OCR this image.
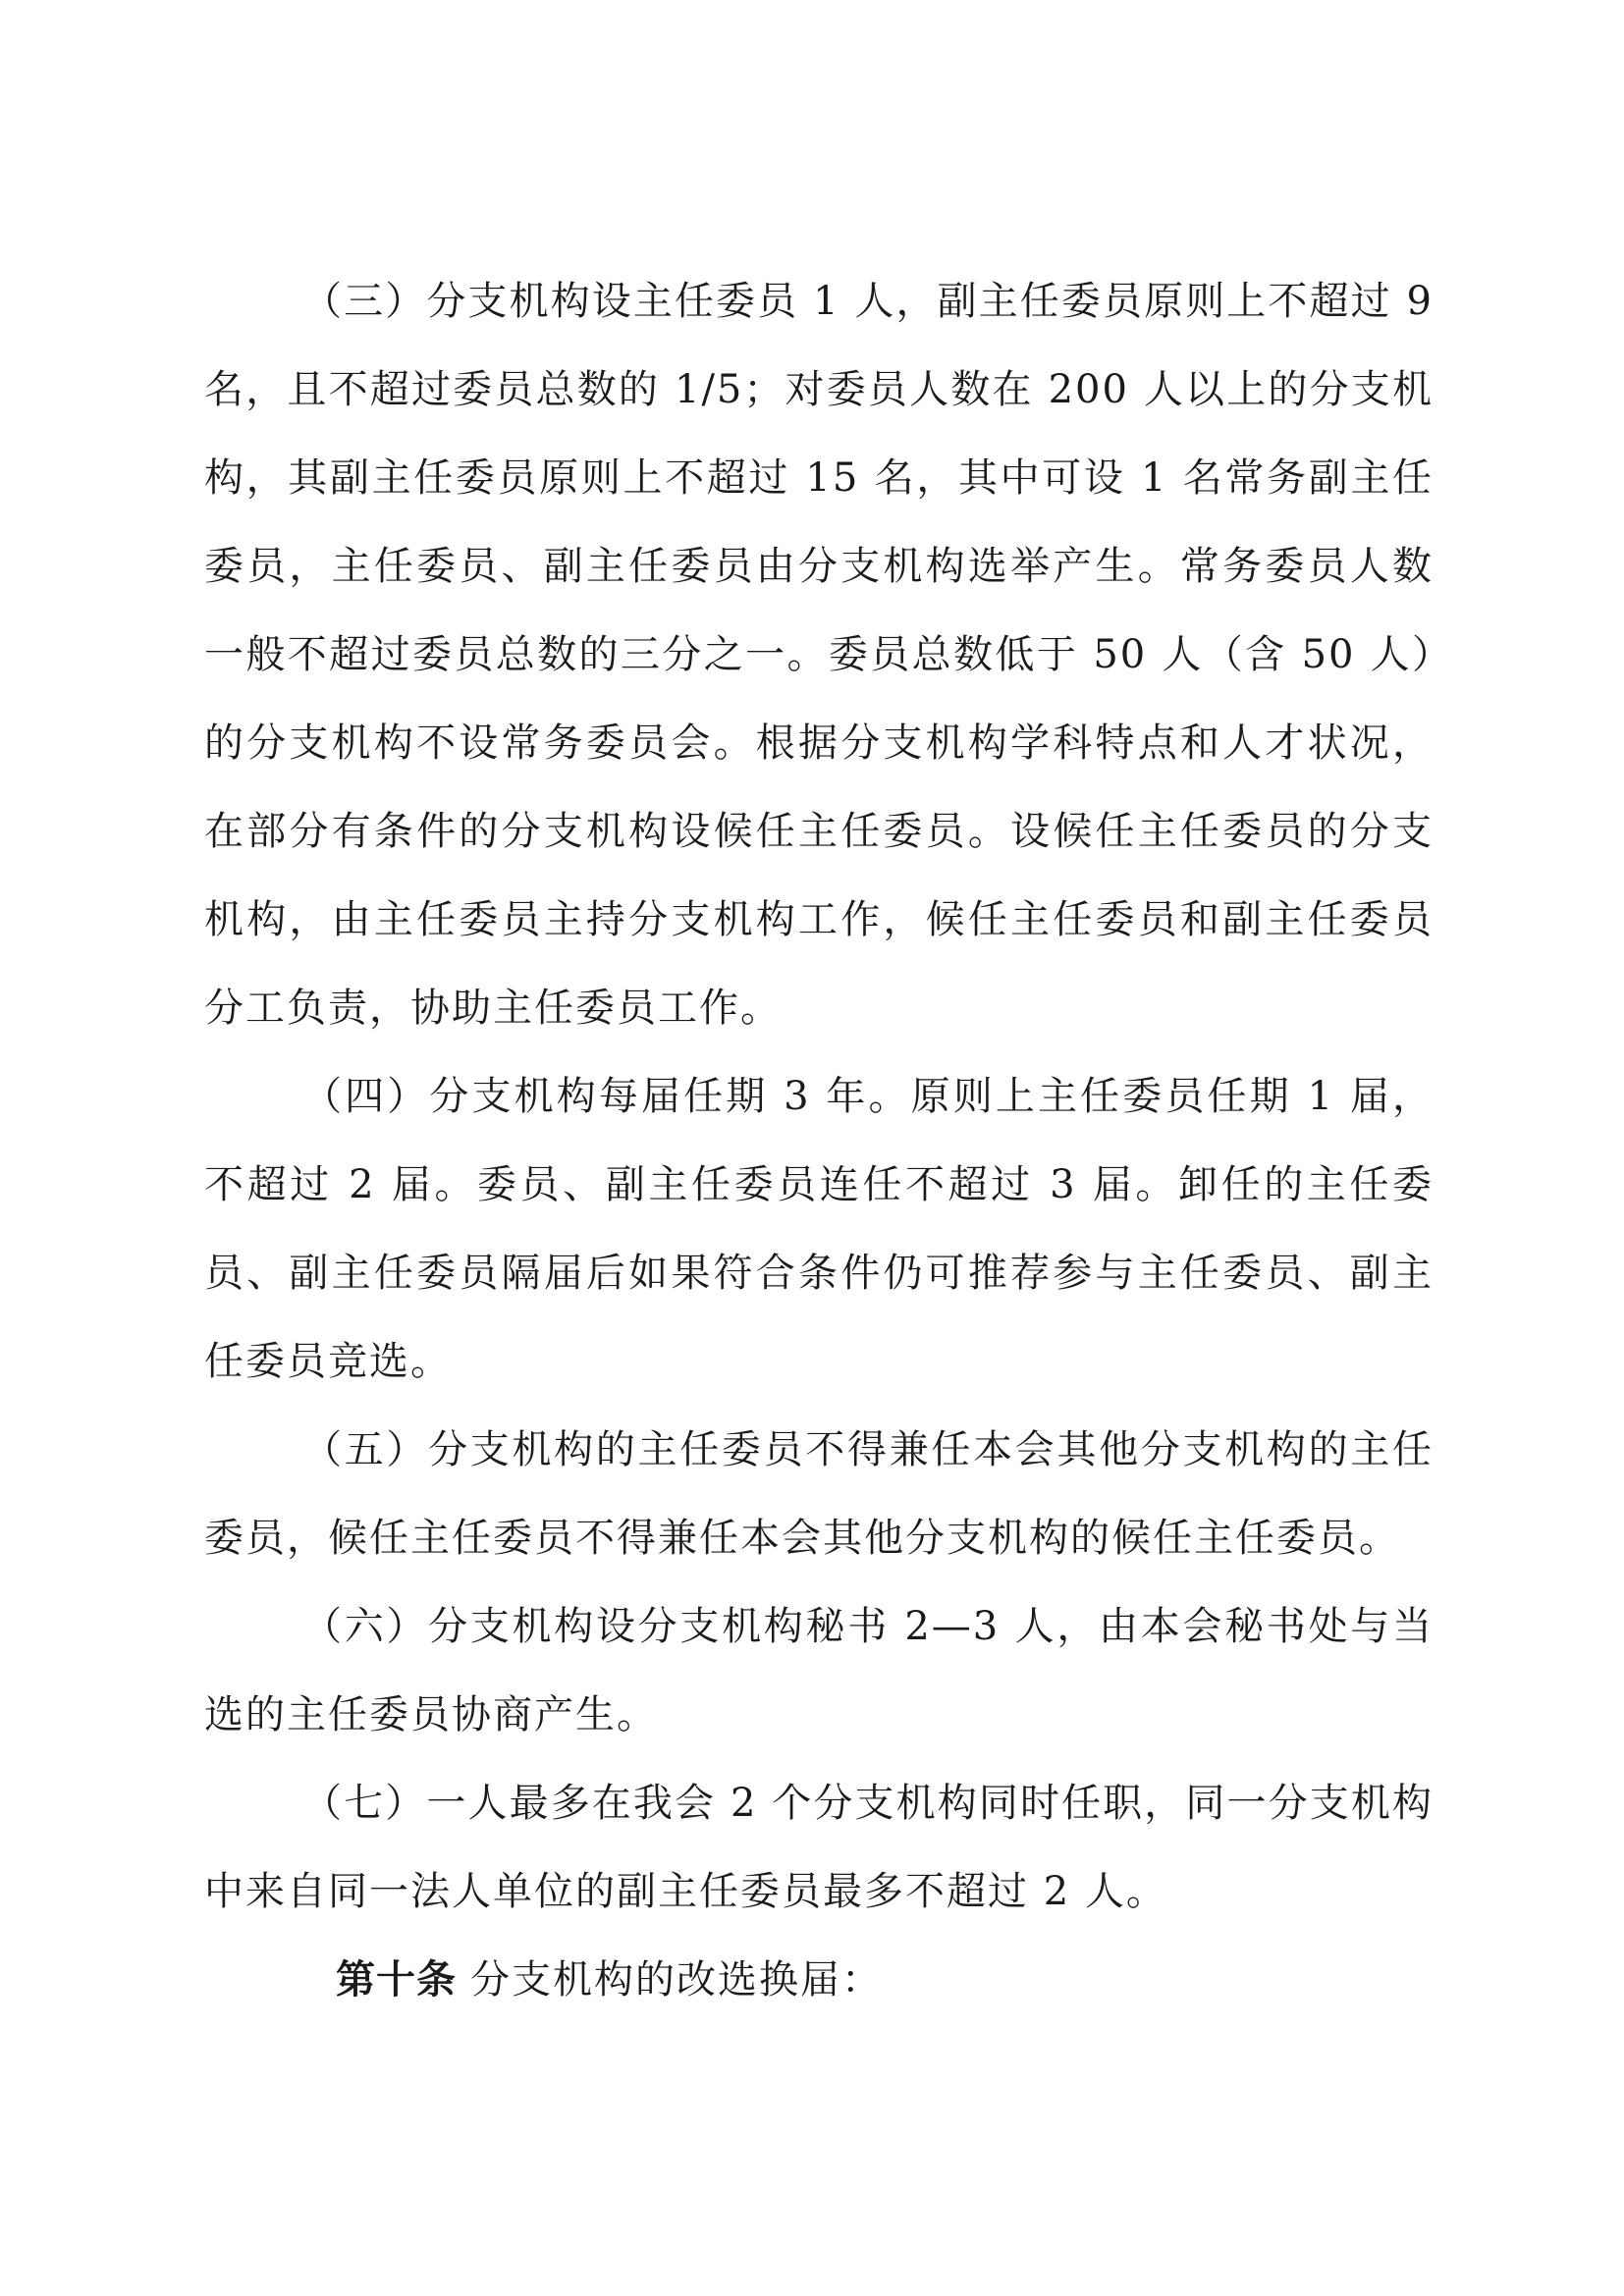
（三）分支机构设主任委员 1 人，副主任委员原则上不超过 9 名，且不超过委员总数的 1/5；对委员人数在 200 人以上的分支机构，其副主任委员原则上不超过 15 名，其中可设 1 名常务副主任委员，主任委员、副主任委员由分支机构选举产生。常务委员人数一般不超过委员总数的三分之一。委员总数低于 50 人（含 50 人）的分支机构不设常务委员会。根据分支机构学科特点和人才状况，在部分有条件的分支机构设候任主任委员。设候任主任委员的分支机构，由主任委员主持分支机构工作，候任主任委员和副主任委员分工负责，协助主任委员工作。

（四）分支机构每届任期 3 年。原则上主任委员任期 1 届，不超过 2 届。委员、副主任委员连任不超过 3 届。卸任的主任委员、副主任委员隔届后如果符合条件仍可推荐参与主任委员、副主任委员竞选。

（五）分支机构的主任委员不得兼任本会其他分支机构的主任委员，候任主任委员不得兼任本会其他分支机构的候任主任委员。

（六）分支机构设分支机构秘书 2—3 人，由本会秘书处与当选的主任委员协商产生。

（七）一人最多在我会 2 个分支机构同时任职，同一分支机构中来自同一法人单位的副主任委员最多不超过 2 人。

第十条 分支机构的改选换届：
